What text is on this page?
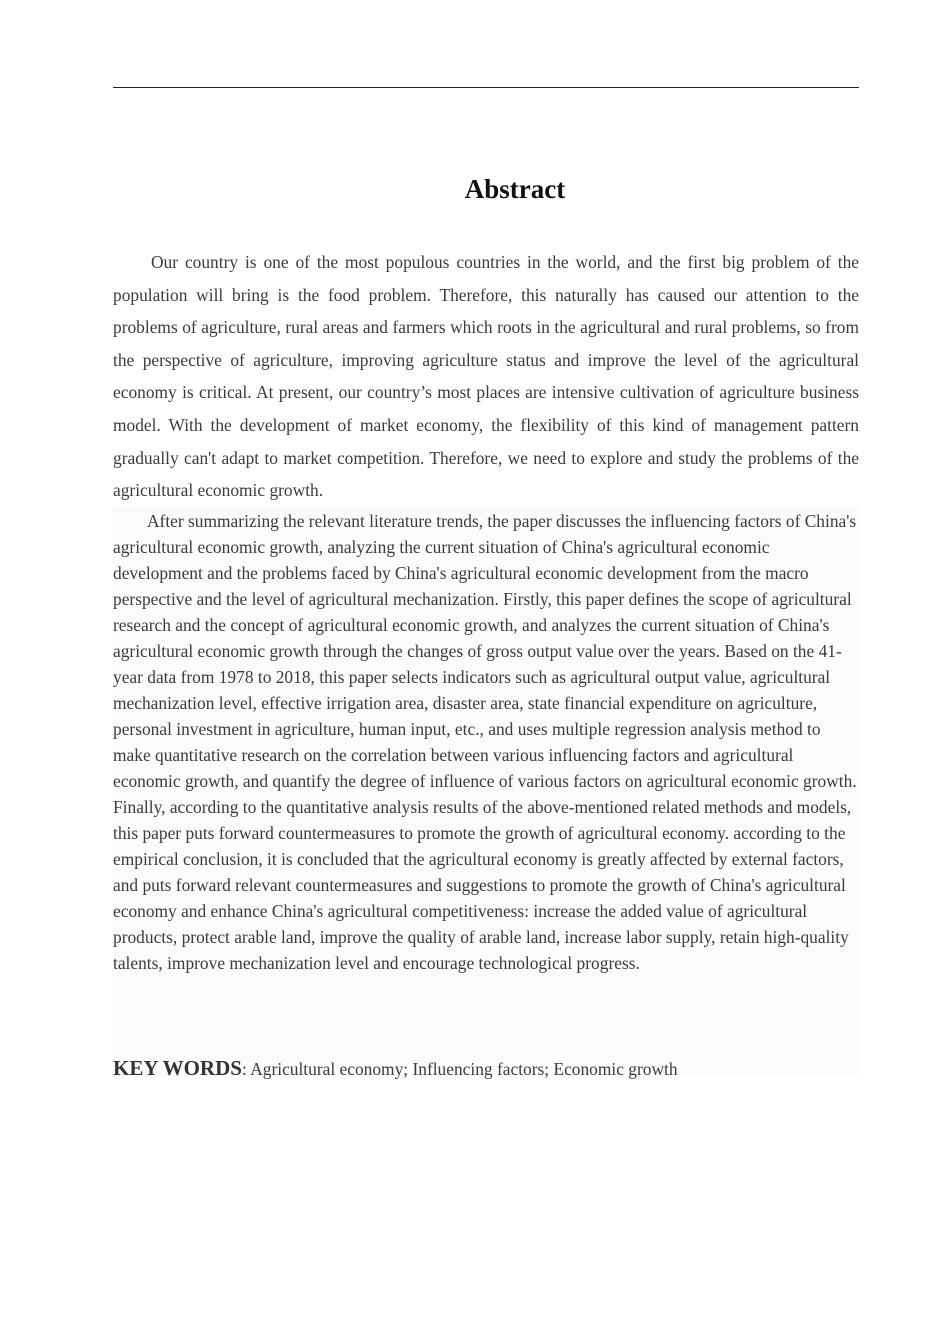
Abstract

Our country is one of the most populous countries in the world, and the first big problem of the population will bring is the food problem. Therefore, this naturally has caused our attention to the problems of agriculture, rural areas and farmers which roots in the agricultural and rural problems, so from the perspective of agriculture, improving agriculture status and improve the level of the agricultural economy is critical. At present, our country’s most places are intensive cultivation of agriculture business model. With the development of market economy, the flexibility of this kind of management pattern gradually can't adapt to market competition. Therefore, we need to explore and study the problems of the agricultural economic growth.

After summarizing the relevant literature trends, the paper discusses the influencing factors of China's agricultural economic growth, analyzing the current situation of China's agricultural economic development and the problems faced by China's agricultural economic development from the macro perspective and the level of agricultural mechanization. Firstly, this paper defines the scope of agricultural research and the concept of agricultural economic growth, and analyzes the current situation of China's agricultural economic growth through the changes of gross output value over the years. Based on the 41-year data from 1978 to 2018, this paper selects indicators such as agricultural output value, agricultural mechanization level, effective irrigation area, disaster area, state financial expenditure on agriculture, personal investment in agriculture, human input, etc., and uses multiple regression analysis method to make quantitative research on the correlation between various influencing factors and agricultural economic growth, and quantify the degree of influence of various factors on agricultural economic growth. Finally, according to the quantitative analysis results of the above-mentioned related methods and models, this paper puts forward countermeasures to promote the growth of agricultural economy. according to the empirical conclusion, it is concluded that the agricultural economy is greatly affected by external factors, and puts forward relevant countermeasures and suggestions to promote the growth of China's agricultural economy and enhance China's agricultural competitiveness: increase the added value of agricultural products, protect arable land, improve the quality of arable land, increase labor supply, retain high-quality talents, improve mechanization level and encourage technological progress.

KEY WORDS: Agricultural economy; Influencing factors; Economic growth
